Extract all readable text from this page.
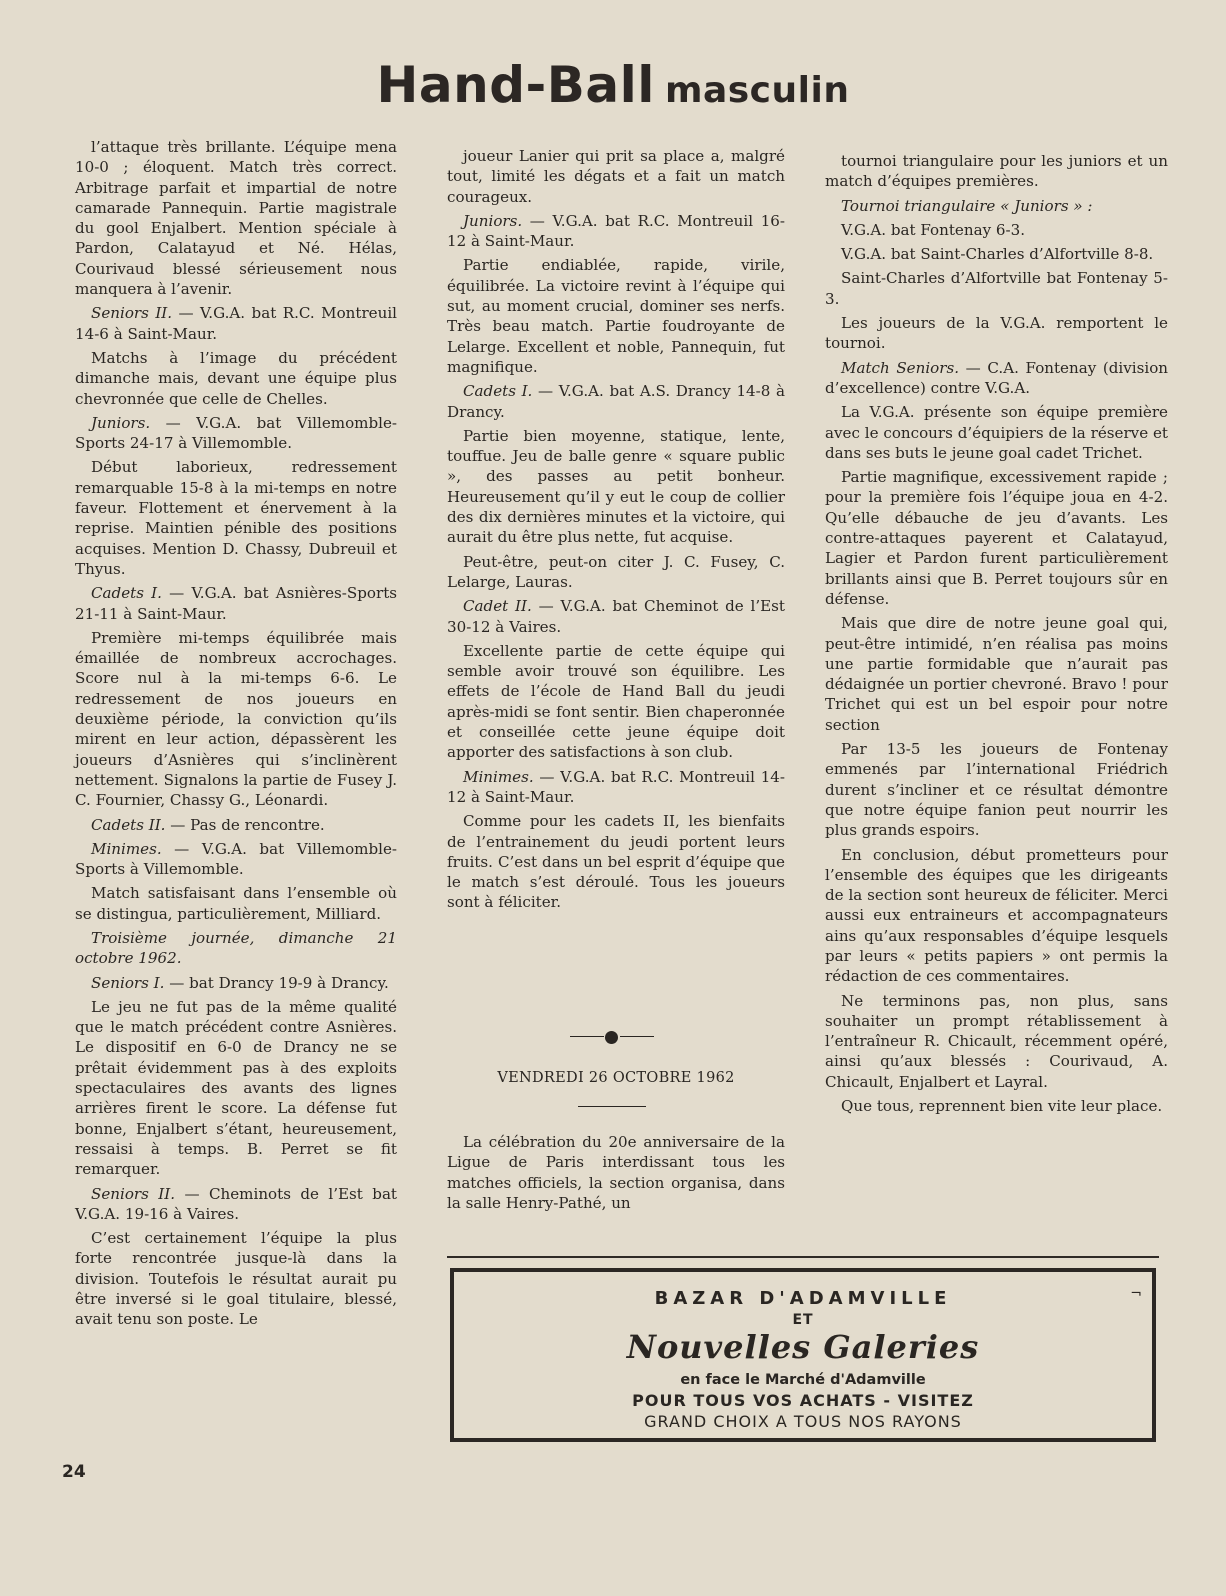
Hand-Ball masculin

l’attaque très brillante. L’équipe mena 10-0 ; éloquent. Match très correct. Arbitrage parfait et impartial de notre camarade Pannequin. Partie magistrale du gool Enjalbert. Mention spéciale à Pardon, Calatayud et Né. Hélas, Courivaud blessé sérieusement nous manquera à l’avenir.

Seniors II. — V.G.A. bat R.C. Montreuil 14-6 à Saint-Maur.

Matchs à l’image du précédent dimanche mais, devant une équipe plus chevronnée que celle de Chelles.

Juniors. — V.G.A. bat Villemomble-Sports 24-17 à Villemomble.

Début laborieux, redressement remarquable 15-8 à la mi-temps en notre faveur. Flottement et énervement à la reprise. Maintien pénible des positions acquises. Mention D. Chassy, Dubreuil et Thyus.

Cadets I. — V.G.A. bat Asnières-Sports 21-11 à Saint-Maur.

Première mi-temps équilibrée mais émaillée de nombreux accrochages. Score nul à la mi-temps 6-6. Le redressement de nos joueurs en deuxième période, la conviction qu’ils mirent en leur action, dépassèrent les joueurs d’Asnières qui s’inclinèrent nettement. Signalons la partie de Fusey J. C. Fournier, Chassy G., Léonardi.

Cadets II. — Pas de rencontre.

Minimes. — V.G.A. bat Villemomble-Sports à Villemomble.

Match satisfaisant dans l’ensemble où se distingua, particulièrement, Milliard.

Troisième journée, dimanche 21 octobre 1962.

Seniors I. — bat Drancy 19-9 à Drancy.

Le jeu ne fut pas de la même qualité que le match précédent contre Asnières. Le dispositif en 6-0 de Drancy ne se prêtait évidemment pas à des exploits spectaculaires des avants des lignes arrières firent le score. La défense fut bonne, Enjalbert s’étant, heureusement, ressaisi à temps. B. Perret se fit remarquer.

Seniors II. — Cheminots de l’Est bat V.G.A. 19-16 à Vaires.

C’est certainement l’équipe la plus forte rencontrée jusque-là dans la division. Toutefois le résultat aurait pu être inversé si le goal titulaire, blessé, avait tenu son poste. Le

joueur Lanier qui prit sa place a, malgré tout, limité les dégats et a fait un match courageux.

Juniors. — V.G.A. bat R.C. Montreuil 16-12 à Saint-Maur.

Partie endiablée, rapide, virile, équilibrée. La victoire revint à l’équipe qui sut, au moment crucial, dominer ses nerfs. Très beau match. Partie foudroyante de Lelarge. Excellent et noble, Pannequin, fut magnifique.

Cadets I. — V.G.A. bat A.S. Drancy 14-8 à Drancy.

Partie bien moyenne, statique, lente, touffue. Jeu de balle genre « square public », des passes au petit bonheur. Heureusement qu’il y eut le coup de collier des dix dernières minutes et la victoire, qui aurait du être plus nette, fut acquise.

Peut-être, peut-on citer J. C. Fusey, C. Lelarge, Lauras.

Cadet II. — V.G.A. bat Cheminot de l’Est 30-12 à Vaires.

Excellente partie de cette équipe qui semble avoir trouvé son équilibre. Les effets de l’école de Hand Ball du jeudi après-midi se font sentir. Bien chaperonnée et conseillée cette jeune équipe doit apporter des satisfactions à son club.

Minimes. — V.G.A. bat R.C. Montreuil 14-12 à Saint-Maur.

Comme pour les cadets II, les bienfaits de l’entrainement du jeudi portent leurs fruits. C’est dans un bel esprit d’équipe que le match s’est déroulé. Tous les joueurs sont à féliciter.

VENDREDI 26 OCTOBRE 1962

La célébration du 20e anniversaire de la Ligue de Paris interdissant tous les matches officiels, la section organisa, dans la salle Henry-Pathé, un

tournoi triangulaire pour les juniors et un match d’équipes premières.

Tournoi triangulaire « Juniors » :

V.G.A. bat Fontenay 6-3.

V.G.A. bat Saint-Charles d’Alfortville 8-8.

Saint-Charles d’Alfortville bat Fontenay 5-3.

Les joueurs de la V.G.A. remportent le tournoi.

Match Seniors. — C.A. Fontenay (division d’excellence) contre V.G.A.

La V.G.A. présente son équipe première avec le concours d’équipiers de la réserve et dans ses buts le jeune goal cadet Trichet.

Partie magnifique, excessivement rapide ; pour la première fois l’équipe joua en 4-2. Qu’elle débauche de jeu d’avants. Les contre-attaques payerent et Calatayud, Lagier et Pardon furent particulièrement brillants ainsi que B. Perret toujours sûr en défense.

Mais que dire de notre jeune goal qui, peut-être intimidé, n’en réalisa pas moins une partie formidable que n’aurait pas dédaignée un portier chevroné. Bravo ! pour Trichet qui est un bel espoir pour notre section

Par 13-5 les joueurs de Fontenay emmenés par l’international Friédrich durent s’incliner et ce résultat démontre que notre équipe fanion peut nourrir les plus grands espoirs.

En conclusion, début prometteurs pour l’ensemble des équipes que les dirigeants de la section sont heureux de féliciter. Merci aussi eux entraineurs et accompagnateurs ains qu’aux responsables d’équipe lesquels par leurs « petits papiers » ont permis la rédaction de ces commentaires.

Ne terminons pas, non plus, sans souhaiter un prompt rétablissement à l’entraîneur R. Chicault, récemment opéré, ainsi qu’aux blessés : Courivaud, A. Chicault, Enjalbert et Layral.

Que tous, reprennent bien vite leur place.

¬
BAZAR D'ADAMVILLE
ET
Nouvelles Galeries
en face le Marché d'Adamville
POUR TOUS VOS ACHATS - VISITEZ
GRAND CHOIX A TOUS NOS RAYONS
24
